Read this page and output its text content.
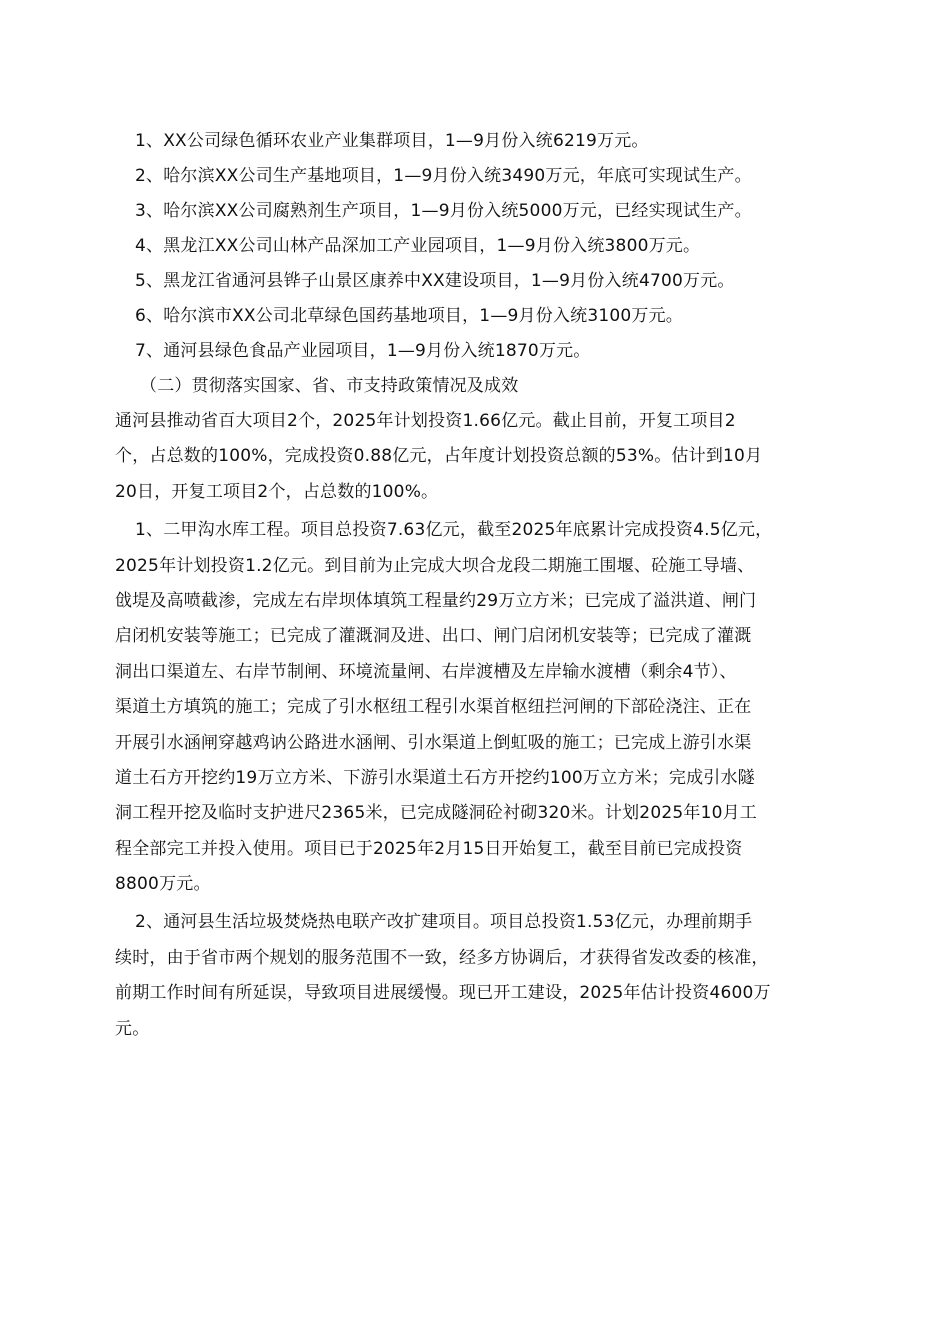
1、XX公司绿色循环农业产业集群项目，1—9月份入统6219万元。
2、哈尔滨XX公司生产基地项目，1—9月份入统3490万元，年底可实现试生产。
3、哈尔滨XX公司腐熟剂生产项目，1—9月份入统5000万元，已经实现试生产。
4、黑龙江XX公司山林产品深加工产业园项目，1—9月份入统3800万元。
5、黑龙江省通河县铧子山景区康养中XX建设项目，1—9月份入统4700万元。
6、哈尔滨市XX公司北草绿色国药基地项目，1—9月份入统3100万元。
7、通河县绿色食品产业园项目，1—9月份入统1870万元。
（二）贯彻落实国家、省、市支持政策情况及成效
通河县推动省百大项目2个，2025年计划投资1.66亿元。截止目前，开复工项目2
个，占总数的100%，完成投资0.88亿元，占年度计划投资总额的53%。估计到10月
20日，开复工项目2个，占总数的100%。
1、二甲沟水库工程。项目总投资7.63亿元，截至2025年底累计完成投资4.5亿元，
2025年计划投资1.2亿元。到目前为止完成大坝合龙段二期施工围堰、砼施工导墙、
戗堤及高喷截渗，完成左右岸坝体填筑工程量约29万立方米；已完成了溢洪道、闸门
启闭机安装等施工；已完成了灌溉洞及进、出口、闸门启闭机安装等；已完成了灌溉
洞出口渠道左、右岸节制闸、环境流量闸、右岸渡槽及左岸输水渡槽（剩余4节）、
渠道土方填筑的施工；完成了引水枢纽工程引水渠首枢纽拦河闸的下部砼浇注、正在
开展引水涵闸穿越鸡讷公路进水涵闸、引水渠道上倒虹吸的施工；已完成上游引水渠
道土石方开挖约19万立方米、下游引水渠道土石方开挖约100万立方米；完成引水隧
洞工程开挖及临时支护进尺2365米，已完成隧洞砼衬砌320米。计划2025年10月工
程全部完工并投入使用。项目已于2025年2月15日开始复工，截至目前已完成投资
8800万元。
2、通河县生活垃圾焚烧热电联产改扩建项目。项目总投资1.53亿元，办理前期手
续时，由于省市两个规划的服务范围不一致，经多方协调后，才获得省发改委的核准，
前期工作时间有所延误，导致项目进展缓慢。现已开工建设，2025年估计投资4600万
元。
